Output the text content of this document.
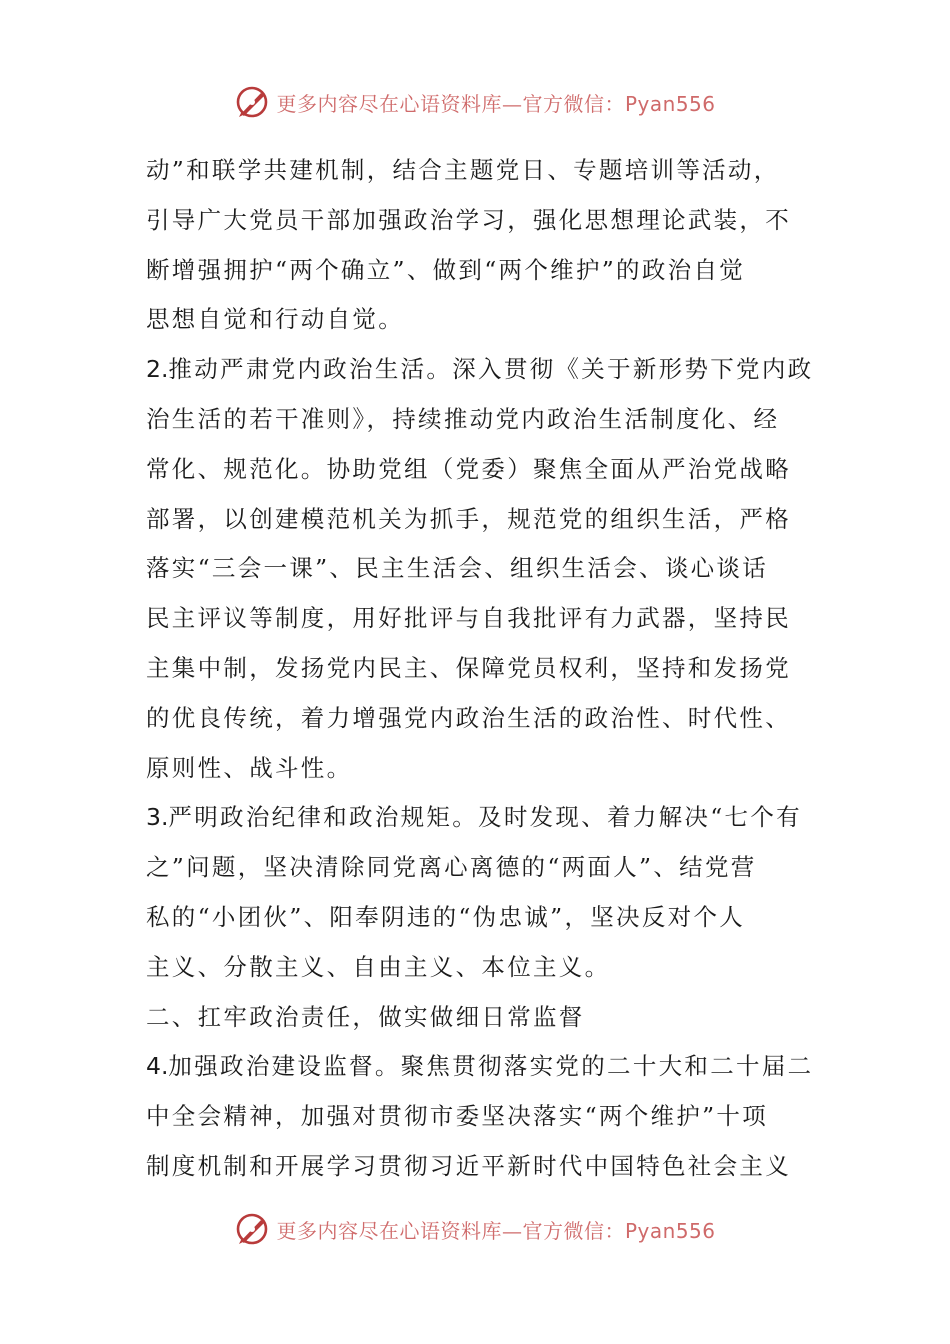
更多内容尽在心语资料库—官方微信：Pyan556
动”和联学共建机制，结合主题党日、专题培训等活动，
引导广大党员干部加强政治学习，强化思想理论武装，不
断增强拥护“两个确立”、做到“两个维护”的政治自觉
思想自觉和行动自觉。
2.推动严肃党内政治生活。深入贯彻《关于新形势下党内政
治生活的若干准则》，持续推动党内政治生活制度化、经
常化、规范化。协助党组（党委）聚焦全面从严治党战略
部署，以创建模范机关为抓手，规范党的组织生活，严格
落实“三会一课”、民主生活会、组织生活会、谈心谈话
民主评议等制度，用好批评与自我批评有力武器，坚持民
主集中制，发扬党内民主、保障党员权利，坚持和发扬党
的优良传统，着力增强党内政治生活的政治性、时代性、
原则性、战斗性。
3.严明政治纪律和政治规矩。及时发现、着力解决“七个有
之”问题，坚决清除同党离心离德的“两面人”、结党营
私的“小团伙”、阳奉阴违的“伪忠诚”，坚决反对个人
主义、分散主义、自由主义、本位主义。
二、扛牢政治责任，做实做细日常监督
4.加强政治建设监督。聚焦贯彻落实党的二十大和二十届二
中全会精神，加强对贯彻市委坚决落实“两个维护”十项
制度机制和开展学习贯彻习近平新时代中国特色社会主义
更多内容尽在心语资料库—官方微信：Pyan556
